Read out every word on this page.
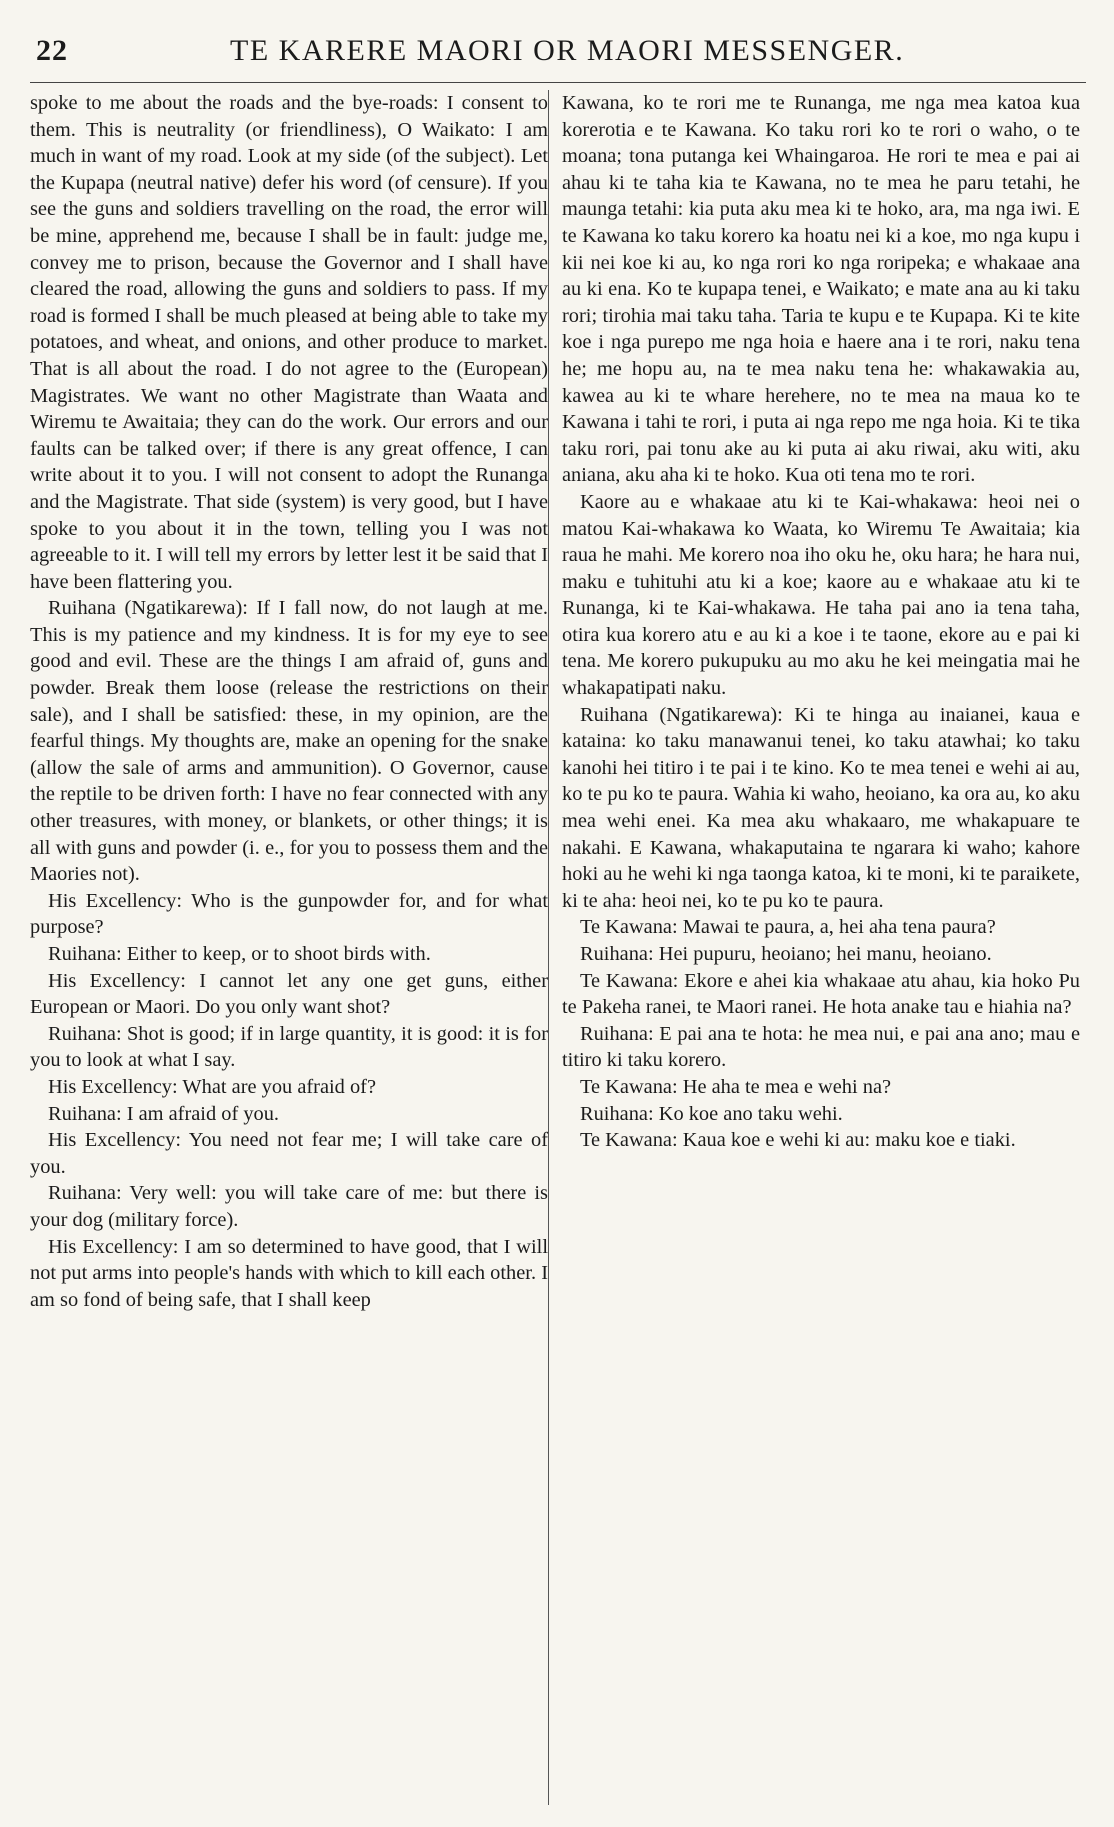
22	TE KARERE MAORI OR MAORI MESSENGER.

spoke to me about the roads and the bye-roads: I consent to them. This is neutrality (or friendliness), O Waikato: I am much in want of my road. Look at my side (of the subject). Let the Kupapa (neutral native) defer his word (of censure). If you see the guns and soldiers travelling on the road, the error will be mine, apprehend me, because I shall be in fault: judge me, convey me to prison, because the Governor and I shall have cleared the road, allowing the guns and soldiers to pass. If my road is formed I shall be much pleased at being able to take my potatoes, and wheat, and onions, and other produce to market. That is all about the road. I do not agree to the (European) Magistrates. We want no other Magistrate than Waata and Wiremu te Awaitaia; they can do the work. Our errors and our faults can be talked over; if there is any great offence, I can write about it to you. I will not consent to adopt the Runanga and the Magistrate. That side (system) is very good, but I have spoke to you about it in the town, telling you I was not agreeable to it. I will tell my errors by letter lest it be said that I have been flattering you.

Ruihana (Ngatikarewa): If I fall now, do not laugh at me. This is my patience and my kindness. It is for my eye to see good and evil. These are the things I am afraid of, guns and powder. Break them loose (release the restrictions on their sale), and I shall be satisfied: these, in my opinion, are the fearful things. My thoughts are, make an opening for the snake (allow the sale of arms and ammunition). O Governor, cause the reptile to be driven forth: I have no fear connected with any other treasures, with money, or blankets, or other things; it is all with guns and powder (i. e., for you to possess them and the Maories not).

His Excellency: Who is the gunpowder for, and for what purpose?

Ruihana: Either to keep, or to shoot birds with.

His Excellency: I cannot let any one get guns, either European or Maori. Do you only want shot?

Ruihana: Shot is good; if in large quantity, it is good: it is for you to look at what I say.

His Excellency: What are you afraid of?

Ruihana: I am afraid of you.

His Excellency: You need not fear me; I will take care of you.

Ruihana: Very well: you will take care of me: but there is your dog (military force).

His Excellency: I am so determined to have good, that I will not put arms into people's hands with which to kill each other. I am so fond of being safe, that I shall keep

Kawana, ko te rori me te Runanga, me nga mea katoa kua korerotia e te Kawana. Ko taku rori ko te rori o waho, o te moana; tona putanga kei Whaingaroa. He rori te mea e pai ai ahau ki te taha kia te Kawana, no te mea he paru tetahi, he maunga tetahi: kia puta aku mea ki te hoko, ara, ma nga iwi. E te Kawana ko taku korero ka hoatu nei ki a koe, mo nga kupu i kii nei koe ki au, ko nga rori ko nga roripeka; e whakaae ana au ki ena. Ko te kupapa tenei, e Waikato; e mate ana au ki taku rori; tirohia mai taku taha. Taria te kupu e te Kupapa. Ki te kite koe i nga purepo me nga hoia e haere ana i te rori, naku tena he; me hopu au, na te mea naku tena he: whakawakia au, kawea au ki te whare herehere, no te mea na maua ko te Kawana i tahi te rori, i puta ai nga repo me nga hoia. Ki te tika taku rori, pai tonu ake au ki puta ai aku riwai, aku witi, aku aniana, aku aha ki te hoko. Kua oti tena mo te rori.

Kaore au e whakaae atu ki te Kai-whakawa: heoi nei o matou Kai-whakawa ko Waata, ko Wiremu Te Awaitaia; kia raua he mahi. Me korero noa iho oku he, oku hara; he hara nui, maku e tuhituhi atu ki a koe; kaore au e whakaae atu ki te Runanga, ki te Kai-whakawa. He taha pai ano ia tena taha, otira kua korero atu e au ki a koe i te taone, ekore au e pai ki tena. Me korero pukupuku au mo aku he kei meingatia mai he whakapatipati naku.

Ruihana (Ngatikarewa): Ki te hinga au inaianei, kaua e kataina: ko taku manawanui tenei, ko taku atawhai; ko taku kanohi hei titiro i te pai i te kino. Ko te mea tenei e wehi ai au, ko te pu ko te paura. Wahia ki waho, heoiano, ka ora au, ko aku mea wehi enei. Ka mea aku whakaaro, me whakapuare te nakahi. E Kawana, whakaputaina te ngarara ki waho; kahore hoki au he wehi ki nga taonga katoa, ki te moni, ki te paraikete, ki te aha: heoi nei, ko te pu ko te paura.

Te Kawana: Mawai te paura, a, hei aha tena paura?

Ruihana: Hei pupuru, heoiano; hei manu, heoiano.

Te Kawana: Ekore e ahei kia whakaae atu ahau, kia hoko Pu te Pakeha ranei, te Maori ranei. He hota anake tau e hiahia na?

Ruihana: E pai ana te hota: he mea nui, e pai ana ano; mau e titiro ki taku korero.

Te Kawana: He aha te mea e wehi na?

Ruihana: Ko koe ano taku wehi.

Te Kawana: Kaua koe e wehi ki au: maku koe e tiaki.
